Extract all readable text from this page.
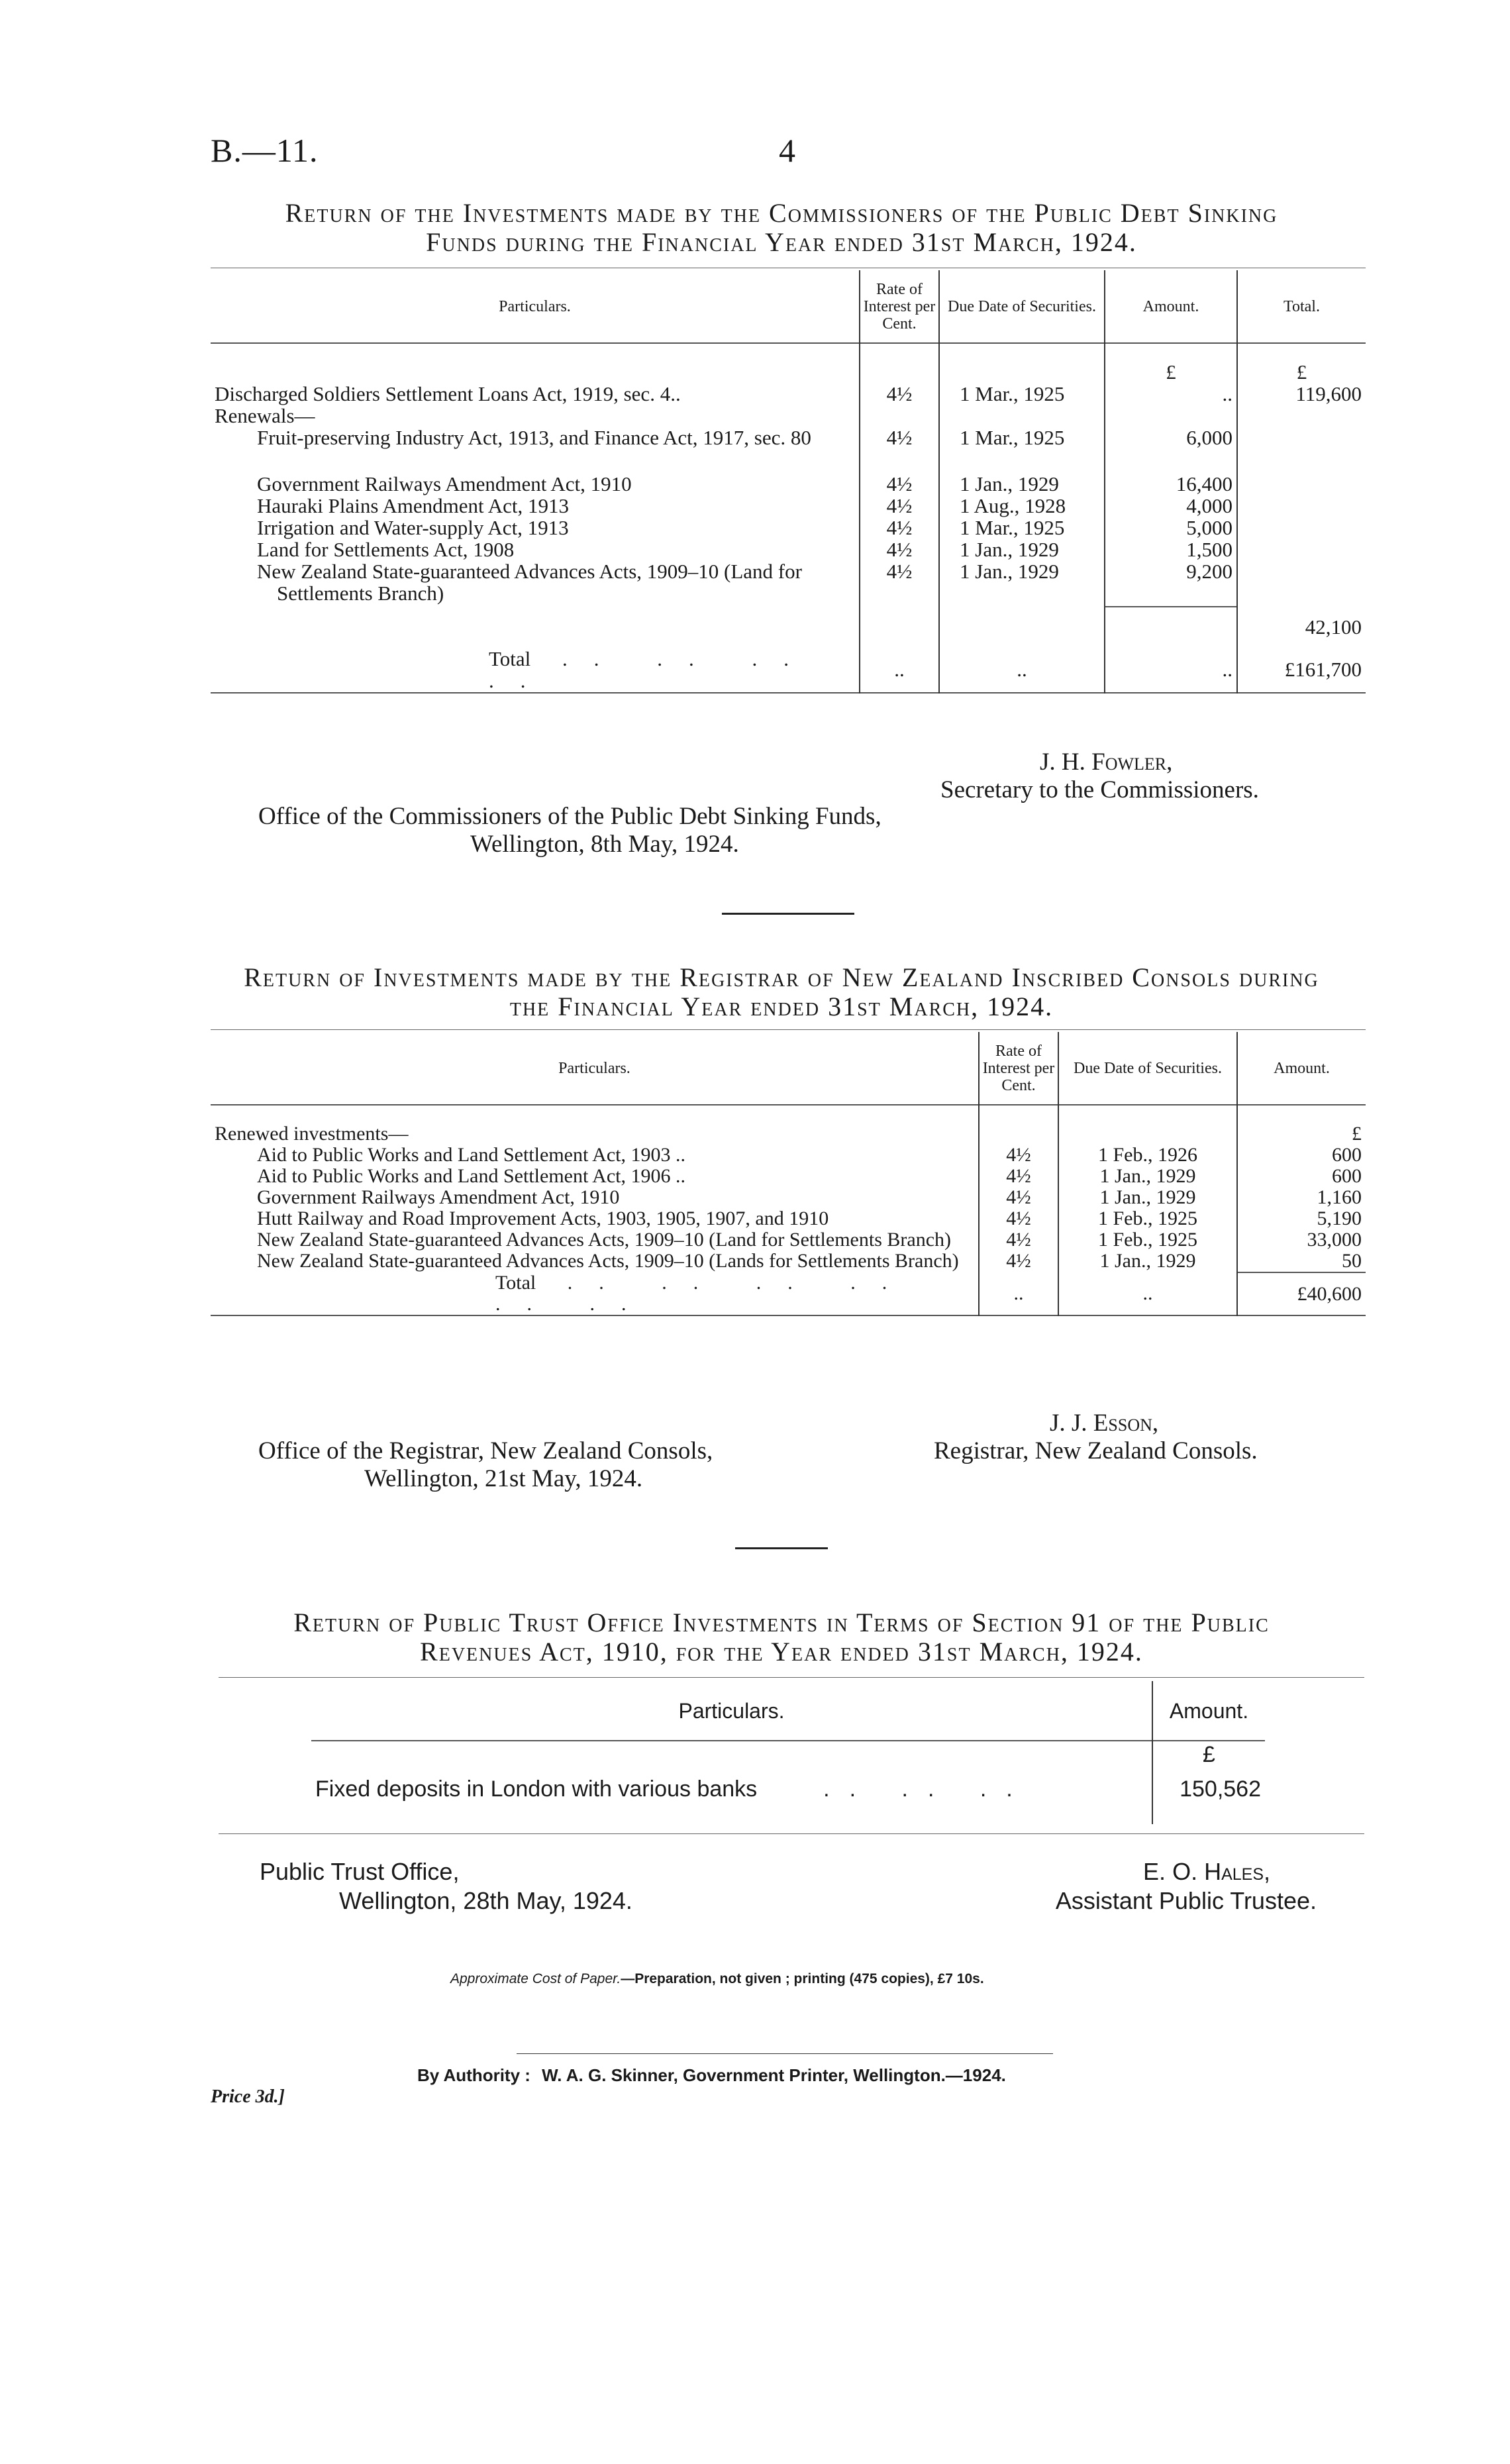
B.—11.	4
Return of the Investments made by the Commissioners of the Public Debt Sinking
Funds during the Financial Year ended 31st March, 1924.
Particulars.	Rate of Interest per Cent.	Due Date of Securities.	Amount.	Total.
			£	£
Discharged Soldiers Settlement Loans Act, 1919, sec. 4..	4½	1 Mar., 1925	..	119,600
Renewals—				
Fruit-preserving Industry Act, 1913, and Finance Act, 1917, sec. 80	4½	1 Mar., 1925	6,000	
Government Railways Amendment Act, 1910	4½	1 Jan., 1929	16,400	
Hauraki Plains Amendment Act, 1913	4½	1 Aug., 1928	4,000	
Irrigation and Water-supply Act, 1913	4½	1 Mar., 1925	5,000	
Land for Settlements Act, 1908	4½	1 Jan., 1929	1,500	
New Zealand State-guaranteed Advances Acts, 1909–10 (Land for Settlements Branch)	4½	1 Jan., 1929	9,200	
				42,100
Total .. .. .. ..	..	..	..	£161,700
J. H. Fowler,
Secretary to the Commissioners.
Office of the Commissioners of the Public Debt Sinking Funds,
Wellington, 8th May, 1924.
Return of Investments made by the Registrar of New Zealand Inscribed Consols during
the Financial Year ended 31st March, 1924.
Particulars.	Rate of Interest per Cent.	Due Date of Securities.	Amount.
Renewed investments—			£
Aid to Public Works and Land Settlement Act, 1903 ..	4½	1 Feb., 1926	600
Aid to Public Works and Land Settlement Act, 1906 ..	4½	1 Jan., 1929	600
Government Railways Amendment Act, 1910	4½	1 Jan., 1929	1,160
Hutt Railway and Road Improvement Acts, 1903, 1905, 1907, and 1910	4½	1 Feb., 1925	5,190
New Zealand State-guaranteed Advances Acts, 1909–10 (Land for Settlements Branch)	4½	1 Feb., 1925	33,000
New Zealand State-guaranteed Advances Acts, 1909–10 (Lands for Settlements Branch)	4½	1 Jan., 1929	50
Total .. .. .. .. .. ..	..	..	£40,600
J. J. Esson,
Registrar, New Zealand Consols.
Office of the Registrar, New Zealand Consols,
Wellington, 21st May, 1924.
Return of Public Trust Office Investments in Terms of Section 91 of the Public
Revenues Act, 1910, for the Year ended 31st March, 1924.
Particulars.	Amount.
	£
Fixed deposits in London with various banks .. .. ..	150,562

Public Trust Office,
Wellington, 28th May, 1924.
E. O. Hales,
Assistant Public Trustee.
Approximate Cost of Paper.—Preparation, not given ; printing (475 copies), £7 10s.
By Authority : W. A. G. Skinner, Government Printer, Wellington.—1924.
Price 3d.]
